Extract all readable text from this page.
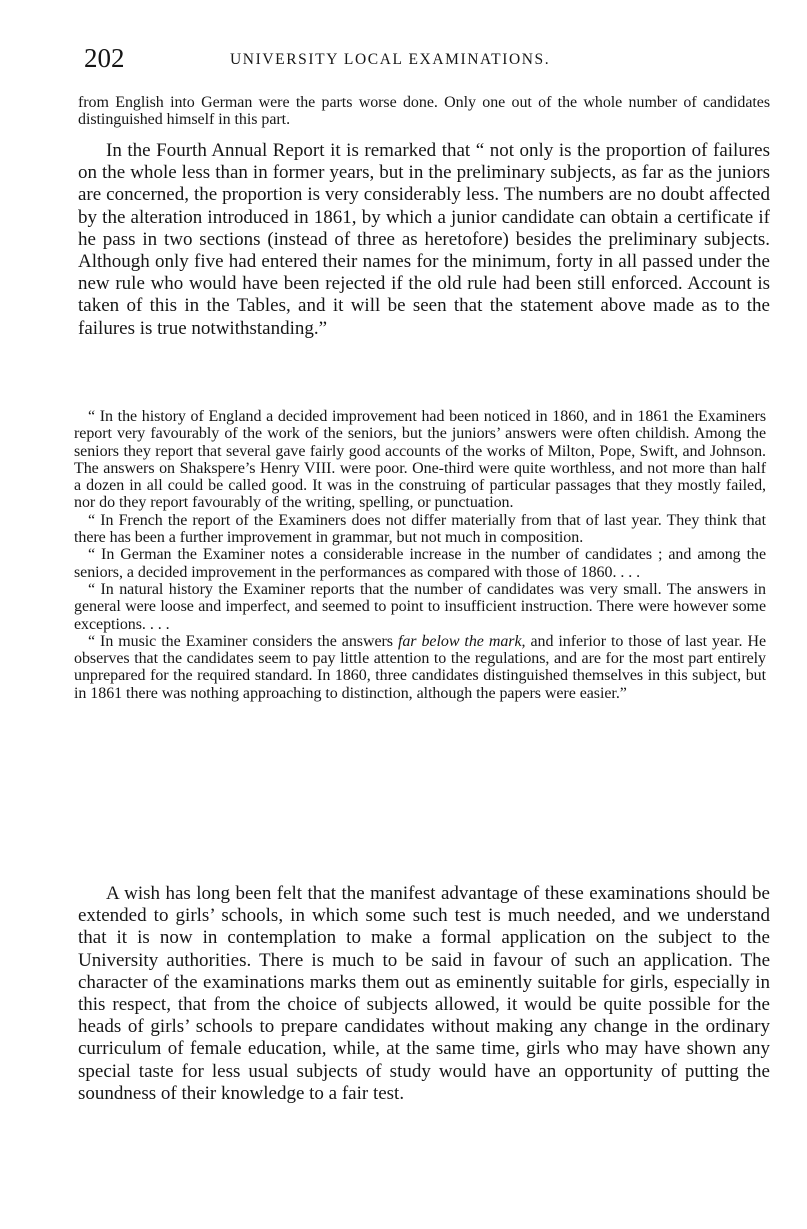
202	UNIVERSITY LOCAL EXAMINATIONS.

from English into German were the parts worse done. Only one out of the whole number of candidates distinguished himself in this part.

In the Fourth Annual Report it is remarked that “ not only is the proportion of failures on the whole less than in former years, but in the preliminary subjects, as far as the juniors are concerned, the proportion is very considerably less. The numbers are no doubt affected by the alteration introduced in 1861, by which a junior candidate can obtain a certificate if he pass in two sections (instead of three as heretofore) besides the preliminary subjects. Although only five had entered their names for the minimum, forty in all passed under the new rule who would have been rejected if the old rule had been still enforced. Account is taken of this in the Tables, and it will be seen that the statement above made as to the failures is true notwithstanding.”

“ In the history of England a decided improvement had been noticed in 1860, and in 1861 the Examiners report very favourably of the work of the seniors, but the juniors’ answers were often childish. Among the seniors they report that several gave fairly good accounts of the works of Milton, Pope, Swift, and Johnson. The answers on Shakspere’s Henry VIII. were poor. One-third were quite worthless, and not more than half a dozen in all could be called good. It was in the construing of particular passages that they mostly failed, nor do they report favourably of the writing, spelling, or punctuation.

“ In French the report of the Examiners does not differ materially from that of last year. They think that there has been a further improvement in grammar, but not much in composition.

“ In German the Examiner notes a considerable increase in the number of candidates ; and among the seniors, a decided improvement in the performances as compared with those of 1860. . . .

“ In natural history the Examiner reports that the number of candidates was very small. The answers in general were loose and imperfect, and seemed to point to insufficient instruction. There were however some exceptions. . . .

“ In music the Examiner considers the answers far below the mark, and inferior to those of last year. He observes that the candidates seem to pay little attention to the regulations, and are for the most part entirely unprepared for the required standard. In 1860, three candidates distinguished themselves in this subject, but in 1861 there was nothing approaching to distinction, although the papers were easier.”

A wish has long been felt that the manifest advantage of these examinations should be extended to girls’ schools, in which some such test is much needed, and we understand that it is now in contemplation to make a formal application on the subject to the University authorities. There is much to be said in favour of such an application. The character of the examinations marks them out as eminently suitable for girls, especially in this respect, that from the choice of subjects allowed, it would be quite possible for the heads of girls’ schools to prepare candidates without making any change in the ordinary curriculum of female education, while, at the same time, girls who may have shown any special taste for less usual subjects of study would have an opportunity of putting the soundness of their knowledge to a fair test.
